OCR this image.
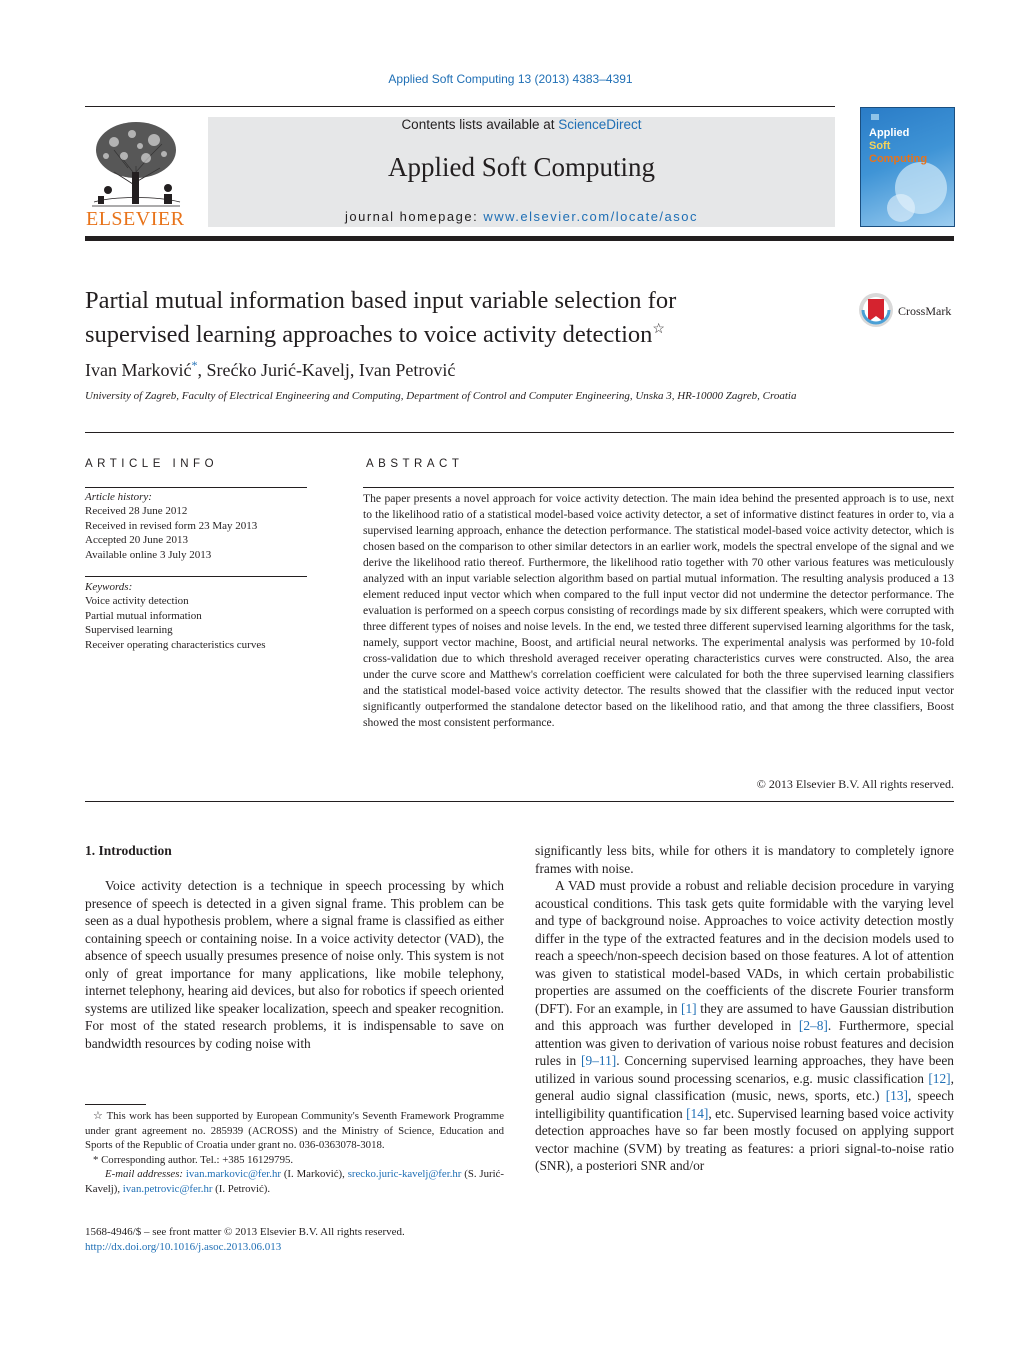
Applied Soft Computing 13 (2013) 4383–4391
ELSEVIER
Contents lists available at ScienceDirect
Applied Soft Computing
journal homepage: www.elsevier.com/locate/asoc
Applied
Soft
Computing
Partial mutual information based input variable selection for
supervised learning approaches to voice activity detection☆
CrossMark
Ivan Marković*, Srećko Jurić-Kavelj, Ivan Petrović
University of Zagreb, Faculty of Electrical Engineering and Computing, Department of Control and Computer Engineering, Unska 3, HR-10000 Zagreb, Croatia
ARTICLE INFO	ABSTRACT
Article history:
Received 28 June 2012
Received in revised form 23 May 2013
Accepted 20 June 2013
Available online 3 July 2013
Keywords:
Voice activity detection
Partial mutual information
Supervised learning
Receiver operating characteristics curves
The paper presents a novel approach for voice activity detection. The main idea behind the presented approach is to use, next to the likelihood ratio of a statistical model-based voice activity detector, a set of informative distinct features in order to, via a supervised learning approach, enhance the detection performance. The statistical model-based voice activity detector, which is chosen based on the comparison to other similar detectors in an earlier work, models the spectral envelope of the signal and we derive the likelihood ratio thereof. Furthermore, the likelihood ratio together with 70 other various features was meticulously analyzed with an input variable selection algorithm based on partial mutual information. The resulting analysis produced a 13 element reduced input vector which when compared to the full input vector did not undermine the detector performance. The evaluation is performed on a speech corpus consisting of recordings made by six different speakers, which were corrupted with three different types of noises and noise levels. In the end, we tested three different supervised learning algorithms for the task, namely, support vector machine, Boost, and artificial neural networks. The experimental analysis was performed by 10-fold cross-validation due to which threshold averaged receiver operating characteristics curves were constructed. Also, the area under the curve score and Matthew's correlation coefficient were calculated for both the three supervised learning classifiers and the statistical model-based voice activity detector. The results showed that the classifier with the reduced input vector significantly outperformed the standalone detector based on the likelihood ratio, and that among the three classifiers, Boost showed the most consistent performance.
© 2013 Elsevier B.V. All rights reserved.
1. Introduction

Voice activity detection is a technique in speech processing by which presence of speech is detected in a given signal frame. This problem can be seen as a dual hypothesis problem, where a signal frame is classified as either containing speech or containing noise. In a voice activity detector (VAD), the absence of speech usually presumes presence of noise only. This system is not only of great importance for many applications, like mobile telephony, internet telephony, hearing aid devices, but also for robotics if speech oriented systems are utilized like speaker localization, speech and speaker recognition. For most of the stated research problems, it is indispensable to save on bandwidth resources by coding noise with

significantly less bits, while for others it is mandatory to completely ignore frames with noise.

A VAD must provide a robust and reliable decision procedure in varying acoustical conditions. This task gets quite formidable with the varying level and type of background noise. Approaches to voice activity detection mostly differ in the type of the extracted features and in the decision models used to reach a speech/non-speech decision based on those features. A lot of attention was given to statistical model-based VADs, in which certain probabilistic properties are assumed on the coefficients of the discrete Fourier transform (DFT). For an example, in [1] they are assumed to have Gaussian distribution and this approach was further developed in [2–8]. Furthermore, special attention was given to derivation of various noise robust features and decision rules in [9–11]. Concerning supervised learning approaches, they have been utilized in various sound processing scenarios, e.g. music classification [12], general audio signal classification (music, news, sports, etc.) [13], speech intelligibility quantification [14], etc. Supervised learning based voice activity detection approaches have so far been mostly focused on applying support vector machine (SVM) by treating as features: a priori signal-to-noise ratio (SNR), a posteriori SNR and/or

☆ This work has been supported by European Community's Seventh Framework Programme under grant agreement no. 285939 (ACROSS) and the Ministry of Science, Education and Sports of the Republic of Croatia under grant no. 036-0363078-3018.
* Corresponding author. Tel.: +385 16129795.
E-mail addresses: ivan.markovic@fer.hr (I. Marković), srecko.juric-kavelj@fer.hr (S. Jurić-Kavelj), ivan.petrovic@fer.hr (I. Petrović).
1568-4946/$ – see front matter © 2013 Elsevier B.V. All rights reserved.
http://dx.doi.org/10.1016/j.asoc.2013.06.013
